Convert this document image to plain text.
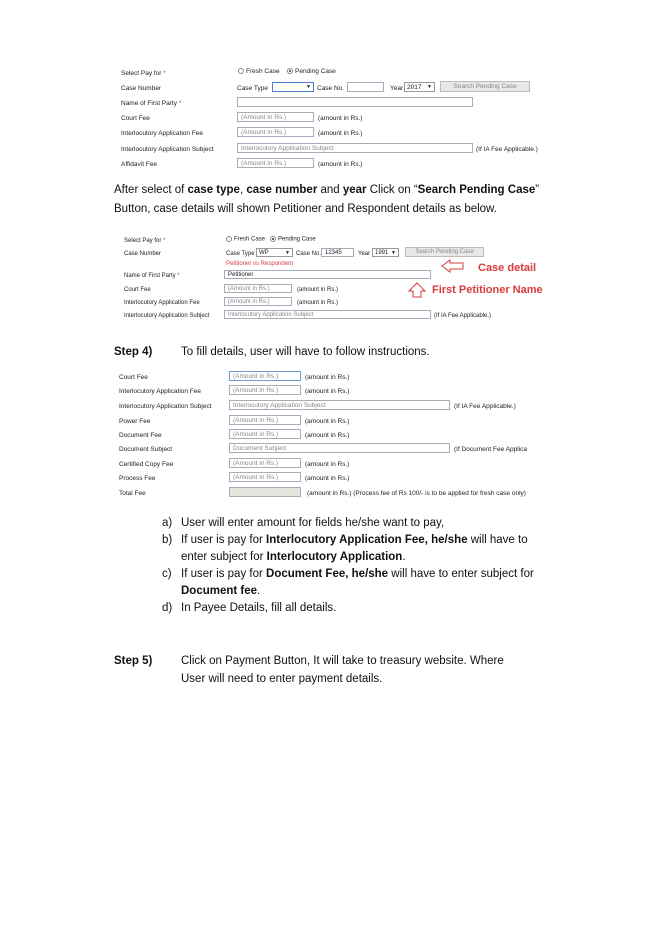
Select Pay for *	Fresh Case	Pending Case
Case Number	Case Type	▼ Case No.	Year 2017 ▼	Search Pending Case
Name of First Party *
Court Fee	(Amount in Rs.)	(amount in Rs.)
Interlocutory Application Fee	(Amount in Rs.)	(amount in Rs.)
Interlocutory Application Subject	Interlocutory Application Subject	(If IA Fee Applicable.)
Affidavit Fee	(Amount in Rs.)	(amount in Rs.)
After select of case type, case number and year Click on “Search Pending Case”
Button, case details will shown Petitioner and Respondent details as below.
Select Pay for *	Fresh Case	Pending Case
Case Number	Case Type WP	▼ Case No. 12345	Year 1991 ▼	Search Pending Case
Petitioner vs Respondent
Name of First Party *	Petitioner
Court Fee	(Amount in Rs.)	(amount in Rs.)
Interlocutory Application Fee	(Amount in Rs.)	(amount in Rs.)
Interlocutory Application Subject	Interlocutory Application Subject	(If IA Fee Applicable.)
Case detail
First Petitioner Name
Step 4) To fill details, user will have to follow instructions.
Court Fee	(Amount in Rs.)	(amount in Rs.)
Interlocutory Application Fee	(Amount in Rs.)	(amount in Rs.)
Interlocutory Application Subject	Interlocutory Application Subject	(If IA Fee Applicable.)
Power Fee	(Amount in Rs.)	(amount in Rs.)
Document Fee	(Amount in Rs.)	(amount in Rs.)
Document Subject	Document Subject	(If Document Fee Applica
Certified Copy Fee	(Amount in Rs.)	(amount in Rs.)
Process Fee	(Amount in Rs.)	(amount in Rs.)
Total Fee	(amount in Rs.) (Process fee of Rs 100/- is to be applied for fresh case only)
a) User will enter amount for fields he/she want to pay,
b) If user is pay for Interlocutory Application Fee, he/she will have to
enter subject for Interlocutory Application.
c) If user is pay for Document Fee, he/she will have to enter subject for
Document fee.
d) In Payee Details, fill all details.
Step 5) Click on Payment Button, It will take to treasury website. Where
User will need to enter payment details.
